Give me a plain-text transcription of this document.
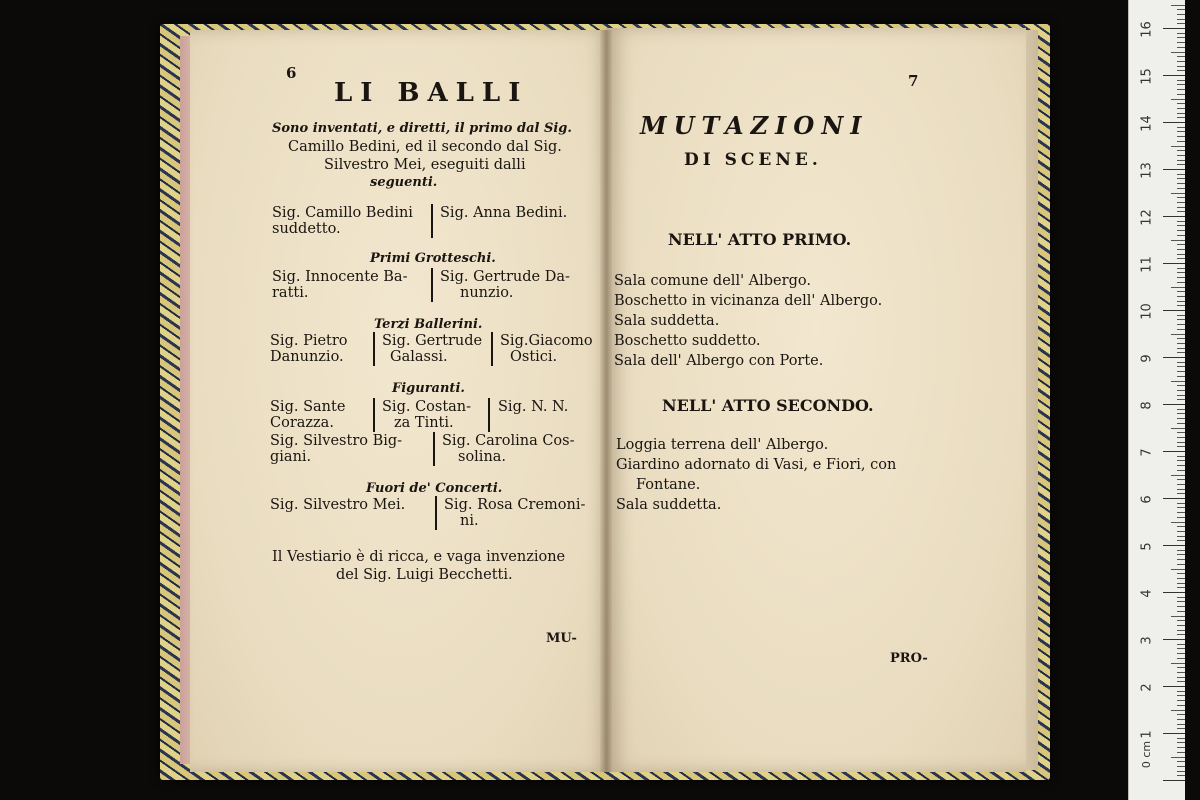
6
LI BALLI
Sono inventati, e diretti, il primo dal Sig.
Camillo Bedini, ed il secondo dal Sig.
Silvestro Mei, eseguiti dalli
seguenti.
Sig. Camillo Bedini
suddetto.
Sig. Anna Bedini.
Primi Grotteschi.
Sig. Innocente Ba-
ratti.
Sig. Gertrude Da-
nunzio.
Terzi Ballerini.
Sig. Pietro
Danunzio.
Sig. Gertrude
Galassi.
Sig.Giacomo
Ostici.
Figuranti.
Sig. Sante
Corazza.
Sig. Costan-
za Tinti.
Sig. N. N.
Sig. Silvestro Big-
giani.
Sig. Carolina Cos-
solina.
Fuori de' Concerti.
Sig. Silvestro Mei.	Sig. Rosa Cremoni-
ni.
Il Vestiario è di ricca, e vaga invenzione
del Sig. Luigi Becchetti.
MU-
7
MUTAZIONI
DI SCENE.
NELL' ATTO PRIMO.
Sala comune dell' Albergo.
Boschetto in vicinanza dell' Albergo.
Sala suddetta.
Boschetto suddetto.
Sala dell' Albergo con Porte.
NELL' ATTO SECONDO.
Loggia terrena dell' Albergo.
Giardino adornato di Vasi, e Fiori, con
Fontane.
Sala suddetta.
PRO-
0 cm
1
2
3
4
5
6
7
8
9
10
11
12
13
14
15
16
